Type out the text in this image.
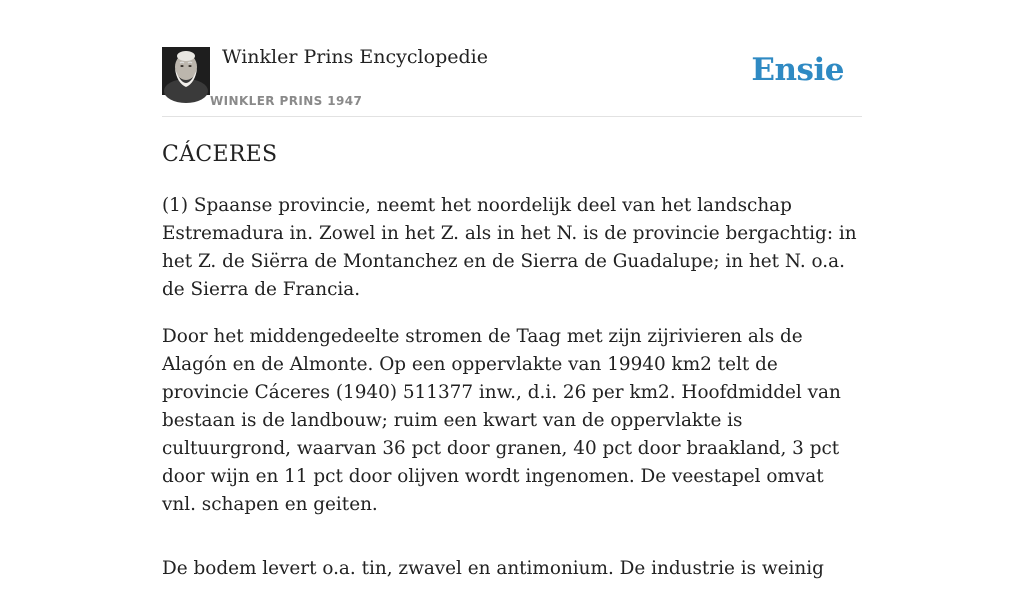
Winkler Prins Encyclopedie
WINKLER PRINS 1947
Ensie
CÁCERES

(1) Spaanse provincie, neemt het noordelijk deel van het landschap Estremadura in. Zowel in het Z. als in het N. is de provincie bergachtig: in het Z. de Siërra de Montanchez en de Sierra de Guadalupe; in het N. o.a. de Sierra de Francia.

Door het middengedeelte stromen de Taag met zijn zijrivieren als de Alagón en de Almonte. Op een oppervlakte van 19940 km2 telt de provincie Cáceres (1940) 511377 inw., d.i. 26 per km2. Hoofdmiddel van bestaan is de landbouw; ruim een kwart van de oppervlakte is cultuurgrond, waarvan 36 pct door granen, 40 pct door braakland, 3 pct door wijn en 11 pct door olijven wordt ingenomen. De veestapel omvat vnl. schapen en geiten.

De bodem levert o.a. tin, zwavel en antimonium. De industrie is weinig
